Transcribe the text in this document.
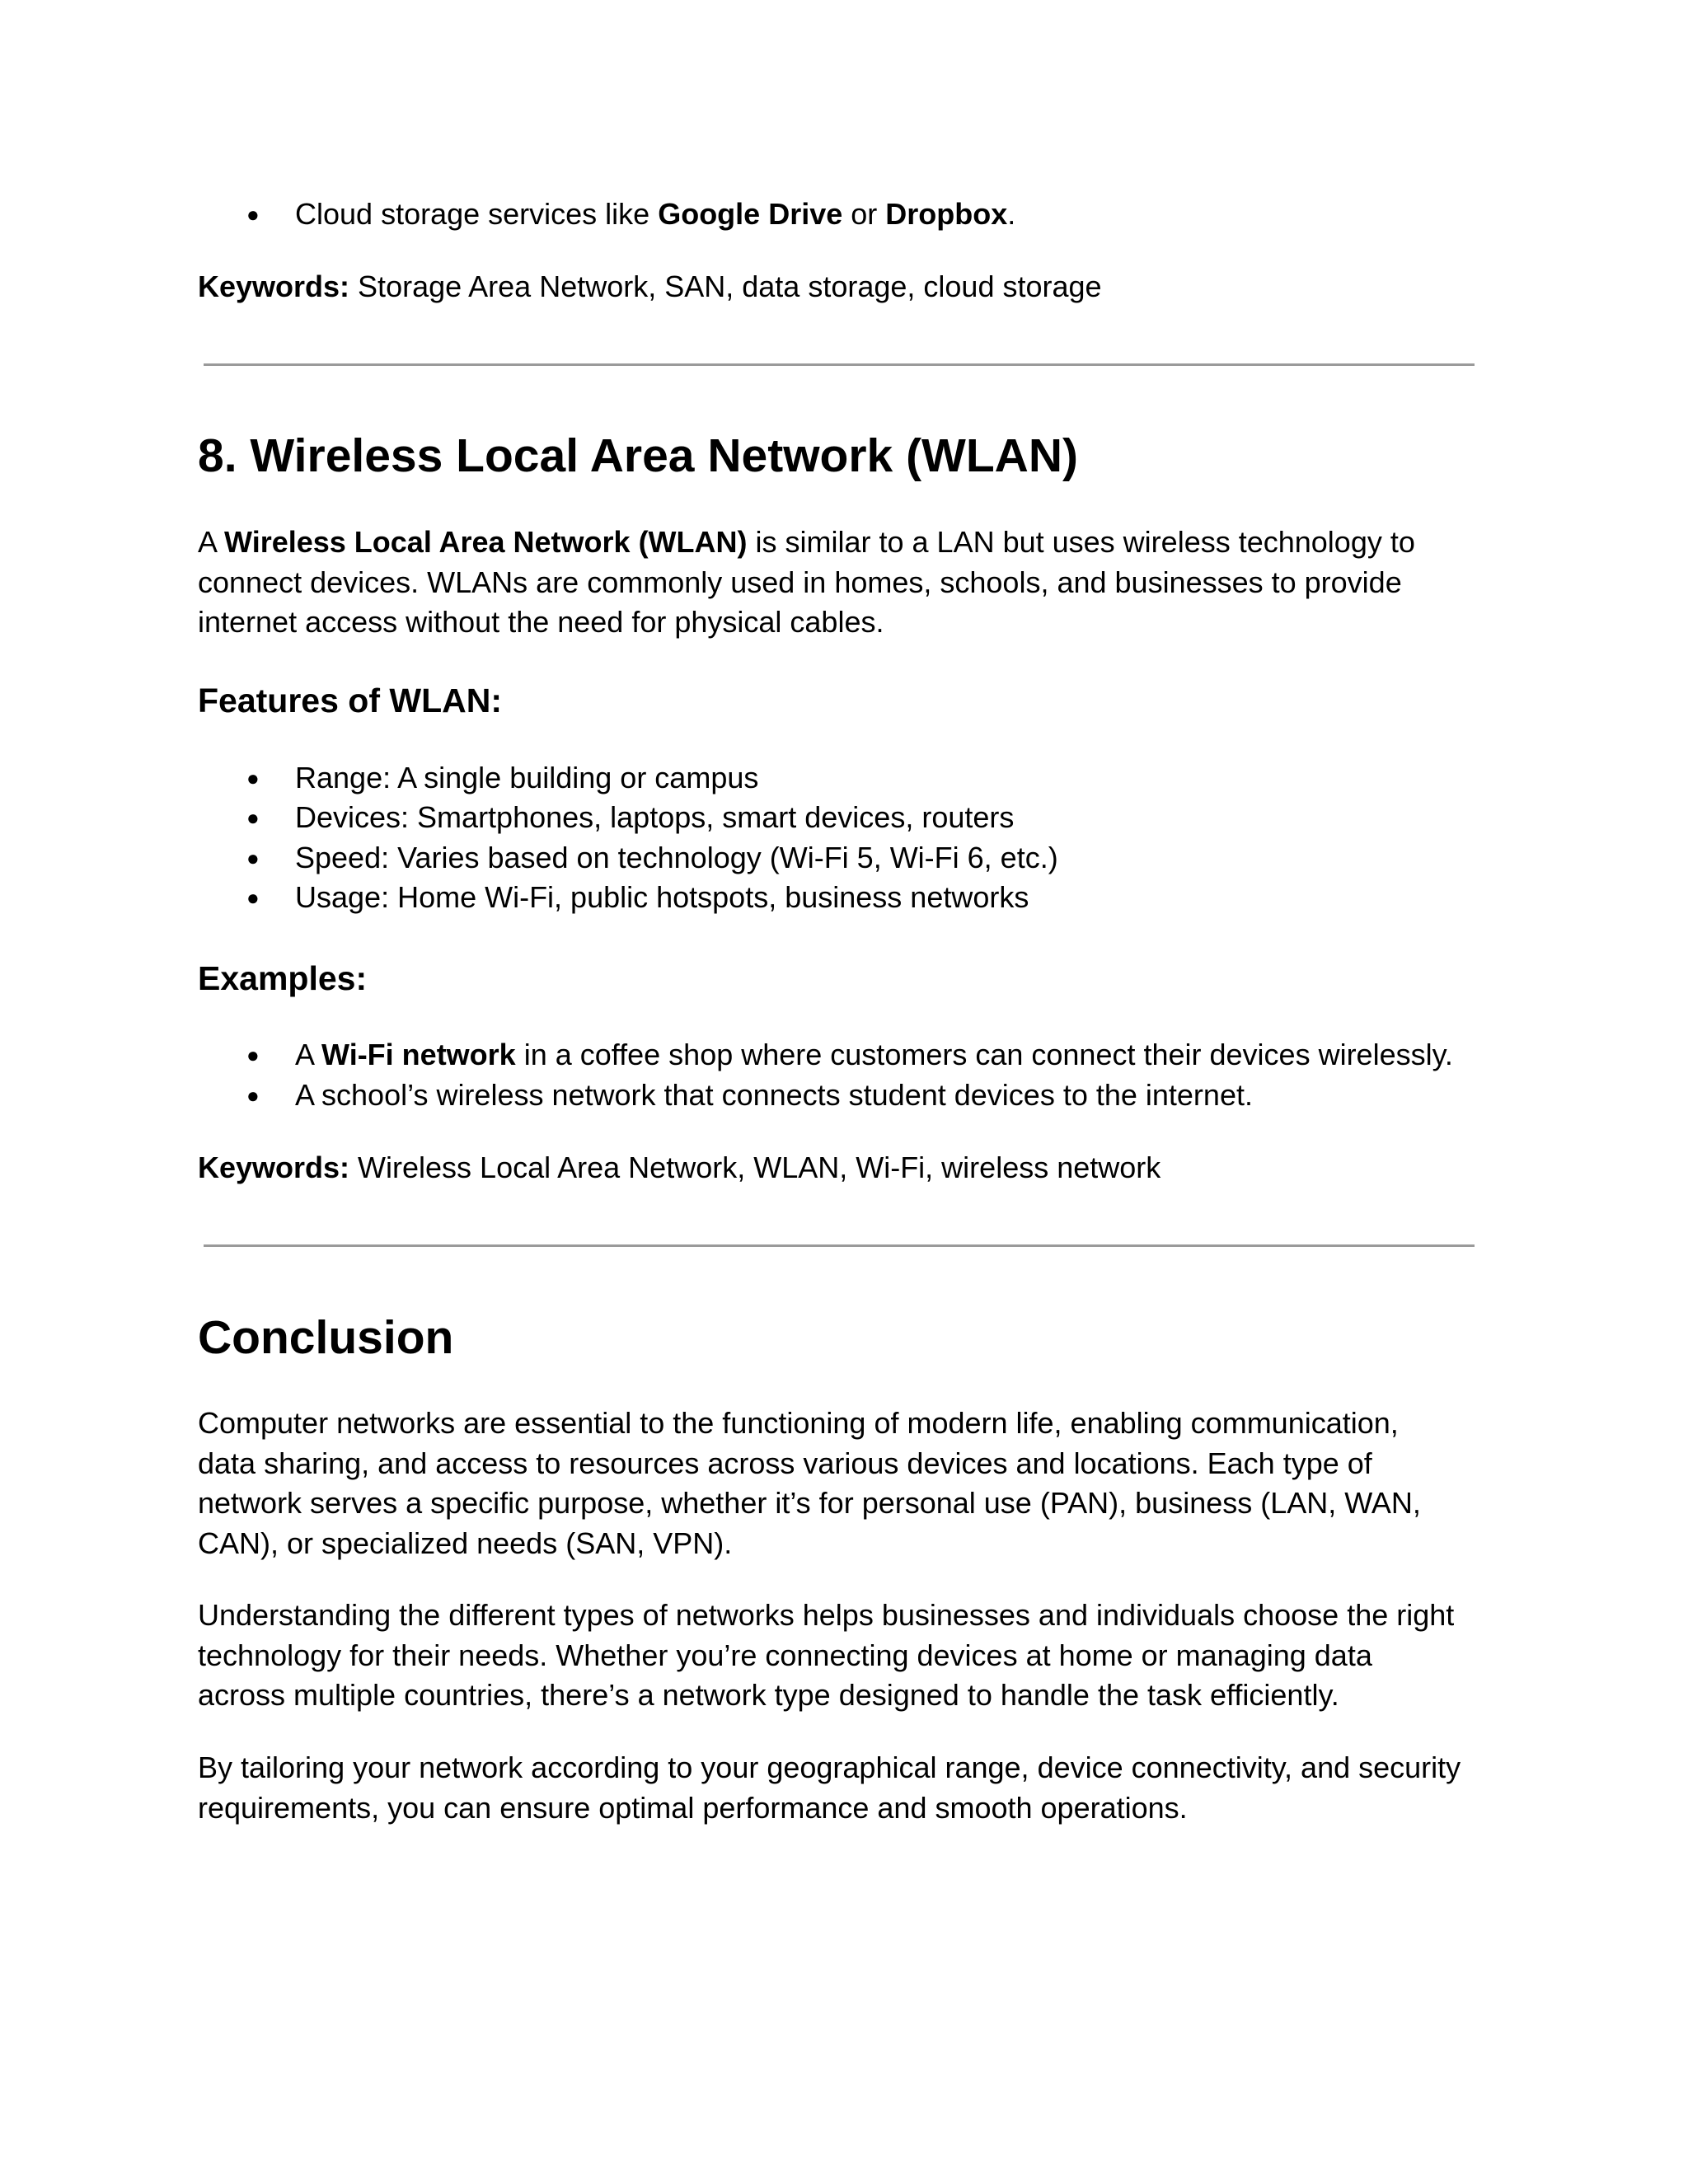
● Cloud storage services like Google Drive or Dropbox.

Keywords: Storage Area Network, SAN, data storage, cloud storage

8. Wireless Local Area Network (WLAN)

A Wireless Local Area Network (WLAN) is similar to a LAN but uses wireless technology to
connect devices. WLANs are commonly used in homes, schools, and businesses to provide
internet access without the need for physical cables.

Features of WLAN:
● Range: A single building or campus
● Devices: Smartphones, laptops, smart devices, routers
● Speed: Varies based on technology (Wi-Fi 5, Wi-Fi 6, etc.)
● Usage: Home Wi-Fi, public hotspots, business networks
Examples:
● A Wi-Fi network in a coffee shop where customers can connect their devices wirelessly.
● A school’s wireless network that connects student devices to the internet.

Keywords: Wireless Local Area Network, WLAN, Wi-Fi, wireless network

Conclusion

Computer networks are essential to the functioning of modern life, enabling communication,
data sharing, and access to resources across various devices and locations. Each type of
network serves a specific purpose, whether it’s for personal use (PAN), business (LAN, WAN,
CAN), or specialized needs (SAN, VPN).

Understanding the different types of networks helps businesses and individuals choose the right
technology for their needs. Whether you’re connecting devices at home or managing data
across multiple countries, there’s a network type designed to handle the task efficiently.

By tailoring your network according to your geographical range, device connectivity, and security
requirements, you can ensure optimal performance and smooth operations.
